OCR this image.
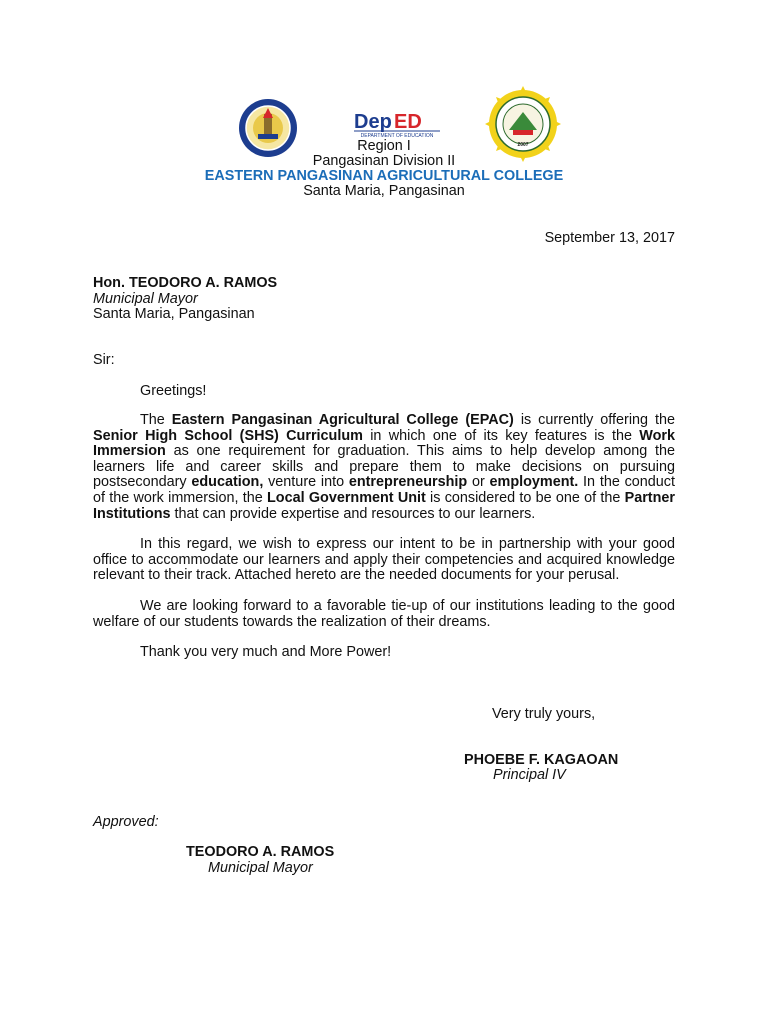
Dep ED
DEPARTMENT OF EDUCATION
2007
Region I
Pangasinan Division II
EASTERN PANGASINAN AGRICULTURAL COLLEGE
Santa Maria, Pangasinan
September 13, 2017
Hon. TEODORO A. RAMOS
Municipal Mayor
Santa Maria, Pangasinan
Sir:
Greetings!

The Eastern Pangasinan Agricultural College (EPAC) is currently offering the Senior High School (SHS) Curriculum in which one of its key features is the Work Immersion as one requirement for graduation. This aims to help develop among the learners life and career skills and prepare them to make decisions on pursuing postsecondary education, venture into entrepreneurship or employment. In the conduct of the work immersion, the Local Government Unit is considered to be one of the Partner Institutions that can provide expertise and resources to our learners.

In this regard, we wish to express our intent to be in partnership with your good office to accommodate our learners and apply their competencies and acquired knowledge relevant to their track. Attached hereto are the needed documents for your perusal.

We are looking forward to a favorable tie-up of our institutions leading to the good welfare of our students towards the realization of their dreams.

Thank you very much and More Power!
Very truly yours,
PHOEBE F. KAGAOAN
Principal IV
Approved:
TEODORO A. RAMOS
Municipal Mayor
